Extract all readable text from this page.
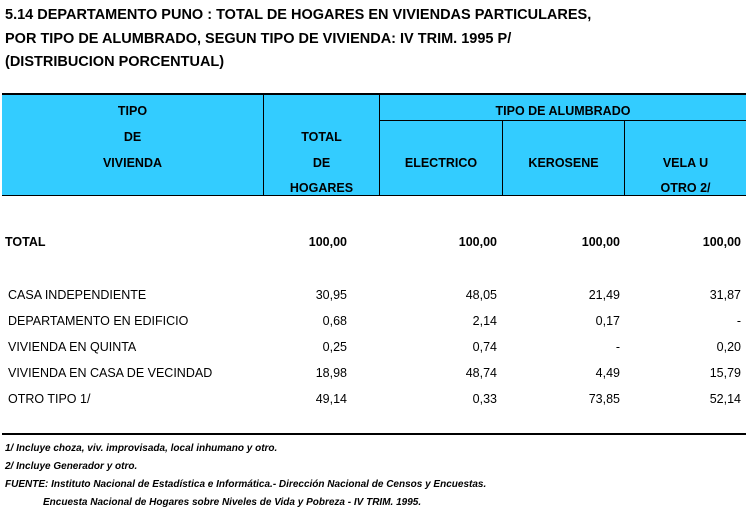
5.14 DEPARTAMENTO PUNO : TOTAL DE HOGARES EN VIVIENDAS PARTICULARES,
POR TIPO DE ALUMBRADO, SEGUN TIPO DE VIVIENDA: IV TRIM. 1995 P/
(DISTRIBUCION PORCENTUAL)
TIPO
DE
VIVIENDA
TOTAL
DE
HOGARES
TIPO DE ALUMBRADO
ELECTRICO	KEROSENE	VELA U
OTRO 2/
TOTAL	100,00	100,00	100,00	100,00
CASA INDEPENDIENTE	30,95	48,05	21,49	31,87
DEPARTAMENTO EN EDIFICIO	0,68	2,14	0,17	-
VIVIENDA EN QUINTA	0,25	0,74	-	0,20
VIVIENDA EN CASA DE VECINDAD	18,98	48,74	4,49	15,79
OTRO TIPO 1/	49,14	0,33	73,85	52,14
1/ Incluye choza, viv. improvisada, local inhumano y otro.
2/ Incluye Generador y otro.
FUENTE: Instituto Nacional de Estadística e Informática.- Dirección Nacional de Censos y Encuestas.
Encuesta Nacional de Hogares sobre Niveles de Vida y Pobreza - IV TRIM. 1995.
